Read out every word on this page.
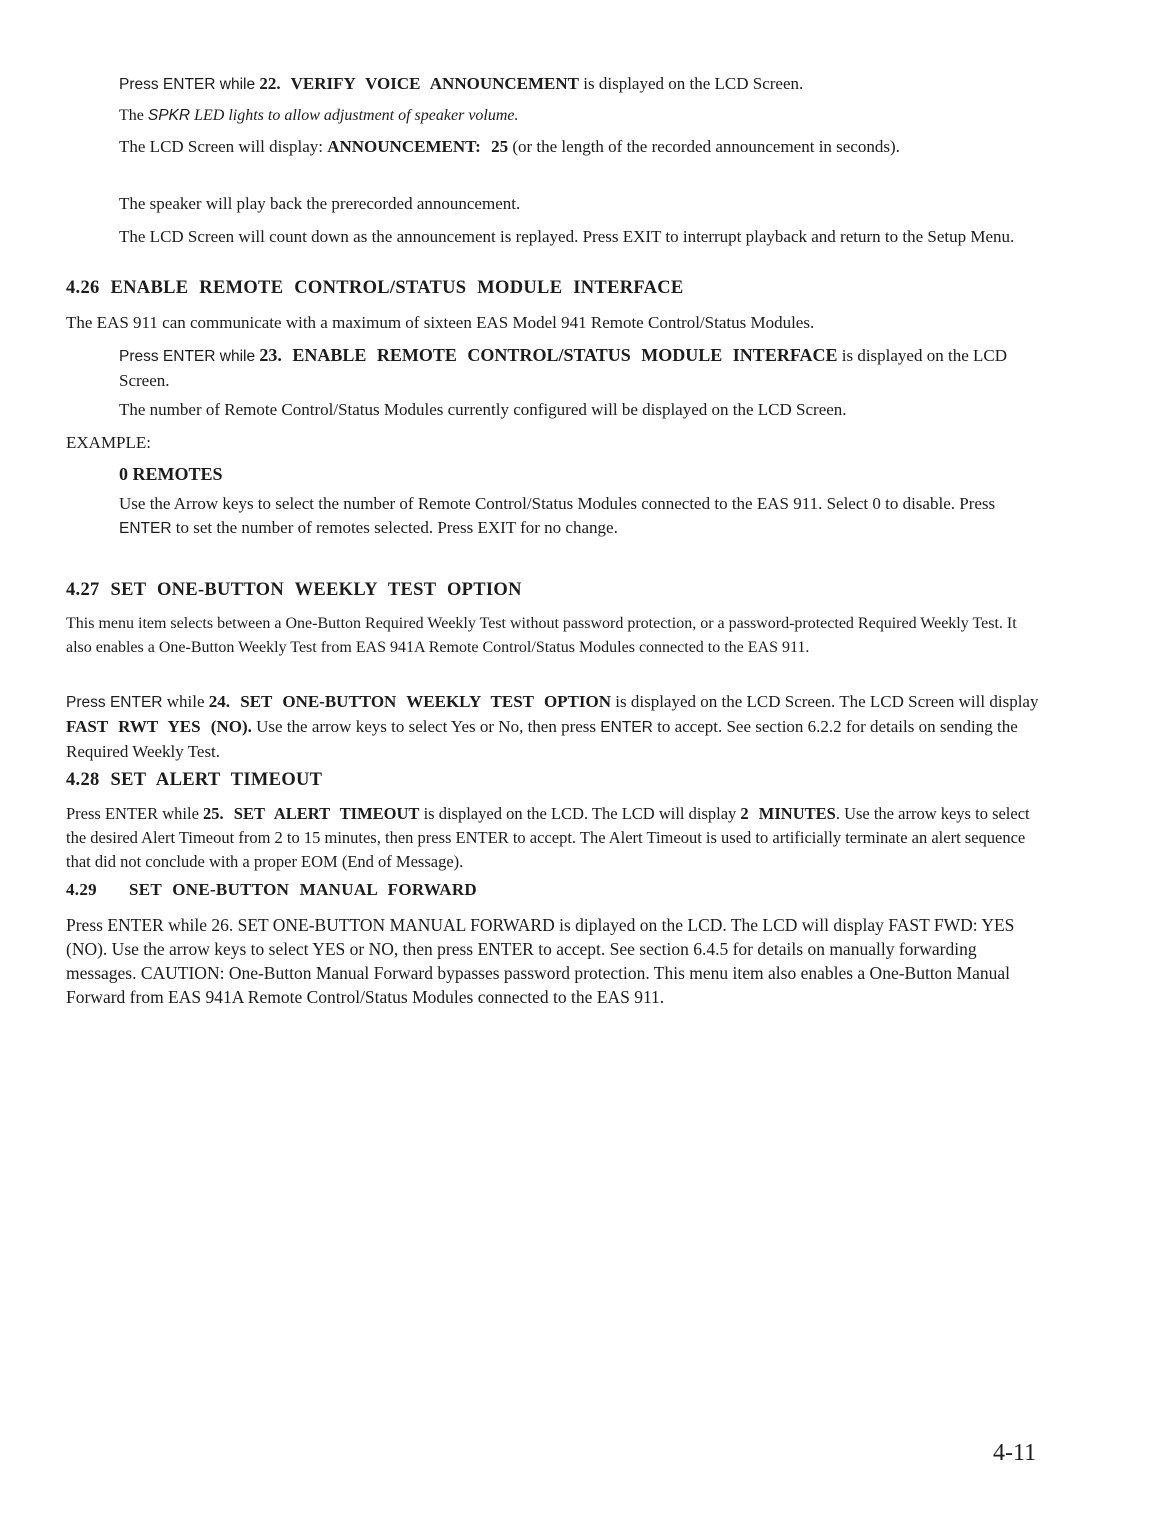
Press ENTER while 22. VERIFY VOICE ANNOUNCEMENT is displayed on the LCD Screen.

The SPKR LED lights to allow adjustment of speaker volume.

The LCD Screen will display: ANNOUNCEMENT: 25 (or the length of the recorded announcement in seconds).

The speaker will play back the prerecorded announcement.

The LCD Screen will count down as the announcement is replayed. Press EXIT to interrupt playback and return to the Setup Menu.

4.26 ENABLE REMOTE CONTROL/STATUS MODULE INTERFACE

The EAS 911 can communicate with a maximum of sixteen EAS Model 941 Remote Control/Status Modules.

Press ENTER while 23. ENABLE REMOTE CONTROL/STATUS MODULE INTERFACE is displayed on the LCD Screen.

The number of Remote Control/Status Modules currently configured will be displayed on the LCD Screen.

EXAMPLE:

0 REMOTES

Use the Arrow keys to select the number of Remote Control/Status Modules connected to the EAS 911. Select 0 to disable. Press ENTER to set the number of remotes selected. Press EXIT for no change.

4.27 SET ONE-BUTTON WEEKLY TEST OPTION

This menu item selects between a One-Button Required Weekly Test without password protection, or a password-protected Required Weekly Test. It also enables a One-Button Weekly Test from EAS 941A Remote Control/Status Modules connected to the EAS 911.

Press ENTER while 24. SET ONE-BUTTON WEEKLY TEST OPTION is displayed on the LCD Screen. The LCD Screen will display FAST RWT YES (NO). Use the arrow keys to select Yes or No, then press ENTER to accept. See section 6.2.2 for details on sending the Required Weekly Test.

4.28 SET ALERT TIMEOUT

Press ENTER while 25. SET ALERT TIMEOUT is displayed on the LCD. The LCD will display 2 MINUTES. Use the arrow keys to select the desired Alert Timeout from 2 to 15 minutes, then press ENTER to accept. The Alert Timeout is used to artificially terminate an alert sequence that did not conclude with a proper EOM (End of Message).

4.29 SET ONE-BUTTON MANUAL FORWARD

Press ENTER while 26. SET ONE-BUTTON MANUAL FORWARD is diplayed on the LCD. The LCD will display FAST FWD: YES (NO). Use the arrow keys to select YES or NO, then press ENTER to accept. See section 6.4.5 for details on manually forwarding messages. CAUTION: One-Button Manual Forward bypasses password protection. This menu item also enables a One-Button Manual Forward from EAS 941A Remote Control/Status Modules connected to the EAS 911.

4-11
